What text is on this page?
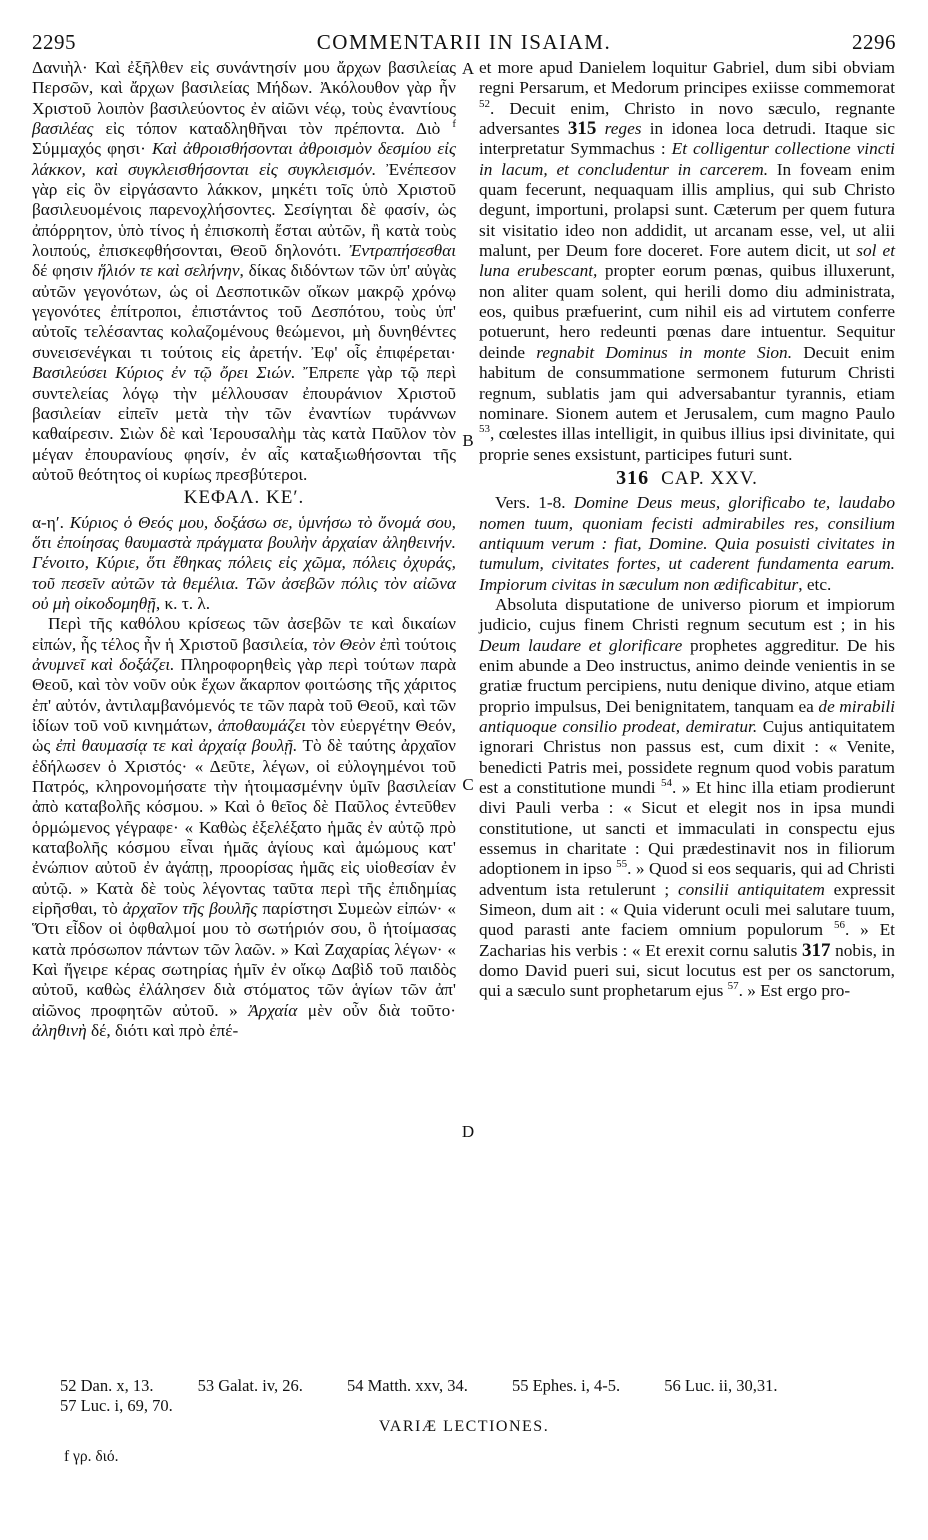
2295	COMMENTARII IN ISAIAM.	2296

Δανιὴλ· Καὶ ἐξῆλθεν εἰς συνάντησίν μου ἄρχων βασιλείας Περσῶν, καὶ ἄρχων βασιλείας Μήδων. Ἀκόλουθον γὰρ ἦν Χριστοῦ λοιπὸν βασιλεύοντος ἐν αἰῶνι νέῳ, τοὺς ἐναντίους βασιλέας εἰς τόπον καταδληθῆναι τὸν πρέποντα. Διὸ $^f$ Σύμμαχός φησι· Καὶ ἀθροισθήσονται ἀθροισμὸν δεσμίου εἰς λάκκον, καὶ συγκλεισθήσονται εἰς συγκλεισμόν. Ἐνέπεσον γὰρ εἰς ὃν εἰργάσαντο λάκκον, μηκέτι τοῖς ὑπὸ Χριστοῦ βασιλευομένοις παρενοχλήσοντες. Σεσίγηται δὲ φασίν, ὡς ἀπόρρητον, ὑπὸ τίνος ἡ ἐπισκοπὴ ἔσται αὐτῶν, ἢ κατὰ τοὺς λοιπούς, ἐπισκεφθήσονται, Θεοῦ δηλονότι. Ἐντραπήσεσθαι δέ φησιν ἥλιόν τε καὶ σελήνην, δίκας διδόντων τῶν ὑπ' αὐγὰς αὐτῶν γεγονότων, ὡς οἱ Δεσποτικῶν οἴκων μακρῷ χρόνῳ γεγονότες ἐπίτροποι, ἐπιστάντος τοῦ Δεσπότου, τοὺς ὑπ' αὐτοῖς τελέσαντας κολαζομένους θεώμενοι, μὴ δυνηθέντες συνεισενέγκαι τι τούτοις εἰς ἀρετήν. Ἐφ' οἷς ἐπιφέρεται· Βασιλεύσει Κύριος ἐν τῷ ὄρει Σιών. Ἔπρεπε γὰρ τῷ περὶ συντελείας λόγῳ τὴν μέλλουσαν ἐπουράνιον Χριστοῦ βασιλείαν εἰπεῖν μετὰ τὴν τῶν ἐναντίων τυράννων καθαίρεσιν. Σιὼν δὲ καὶ Ἱερουσαλὴμ τὰς κατὰ Παῦλον τὸν μέγαν ἐπουρανίους φησίν, ἐν αἷς καταξιωθήσονται τῆς αὐτοῦ θεότητος οἱ κυρίως πρεσβύτεροι.

ΚΕΦΑΛ. ΚΕʹ.

α-ηʹ. Κύριος ὁ Θεός μου, δοξάσω σε, ὑμνήσω τὸ ὄνομά σου, ὅτι ἐποίησας θαυμαστὰ πράγματα βουλὴν ἀρχαίαν ἀληθεινήν. Γένοιτο, Κύριε, ὅτι ἔθηκας πόλεις εἰς χῶμα, πόλεις ὀχυράς, τοῦ πεσεῖν αὐτῶν τὰ θεμέλια. Τῶν ἀσεβῶν πόλις τὸν αἰῶνα οὐ μὴ οἰκοδομηθῇ, κ. τ. λ.

Περὶ τῆς καθόλου κρίσεως τῶν ἀσεβῶν τε καὶ δικαίων εἰπών, ἧς τέλος ἦν ἡ Χριστοῦ βασιλεία, τὸν Θεὸν ἐπὶ τούτοις ἀνυμνεῖ καὶ δοξάζει. Πληροφορηθεὶς γὰρ περὶ τούτων παρὰ Θεοῦ, καὶ τὸν νοῦν οὐκ ἔχων ἄκαρπον φοιτώσης τῆς χάριτος ἐπ' αὐτόν, ἀντιλαμβανόμενός τε τῶν παρὰ τοῦ Θεοῦ, καὶ τῶν ἰδίων τοῦ νοῦ κινημάτων, ἀποθαυμάζει τὸν εὐεργέτην Θεόν, ὡς ἐπὶ θαυμασίᾳ τε καὶ ἀρχαίᾳ βουλῇ. Τὸ δὲ ταύτης ἀρχαῖον ἐδήλωσεν ὁ Χριστός· « Δεῦτε, λέγων, οἱ εὐλογημένοι τοῦ Πατρός, κληρονομήσατε τὴν ἡτοιμασμένην ὑμῖν βασιλείαν ἀπὸ καταβολῆς κόσμου. » Καὶ ὁ θεῖος δὲ Παῦλος ἐντεῦθεν ὁρμώμενος γέγραφε· « Καθὼς ἐξελέξατο ἡμᾶς ἐν αὐτῷ πρὸ καταβολῆς κόσμου εἶναι ἡμᾶς ἁγίους καὶ ἀμώμους κατ' ἐνώπιον αὐτοῦ ἐν ἀγάπῃ, προορίσας ἡμᾶς εἰς υἱοθεσίαν ἐν αὐτῷ. » Κατὰ δὲ τοὺς λέγοντας ταῦτα περὶ τῆς ἐπιδημίας εἰρῆσθαι, τὸ ἀρχαῖον τῆς βουλῆς παρίστησι Συμεὼν εἰπών· « Ὅτι εἶδον οἱ ὀφθαλμοί μου τὸ σωτήριόν σου, ὃ ἡτοίμασας κατὰ πρόσωπον πάντων τῶν λαῶν. » Καὶ Ζαχαρίας λέγων· « Καὶ ἤγειρε κέρας σωτηρίας ἡμῖν ἐν οἴκῳ Δαβὶδ τοῦ παιδὸς αὐτοῦ, καθὼς ἐλάλησεν διὰ στόματος τῶν ἁγίων τῶν ἀπ' αἰῶνος προφητῶν αὐτοῦ. » Ἀρχαία μὲν οὖν διὰ τοῦτο· ἀληθινὴ δέ, διότι καὶ πρὸ ἐπέ-

A
B
C
D

et more apud Danielem loquitur Gabriel, dum sibi obviam regni Persarum, et Medorum principes exiisse commemorat $^{52}$. Decuit enim, Christo in novo sæculo, regnante adversantes 315 reges in idonea loca detrudi. Itaque sic interpretatur Symmachus : Et colligentur collectione vincti in lacum, et concludentur in carcerem. In foveam enim quam fecerunt, nequaquam illis amplius, qui sub Christo degunt, importuni, prolapsi sunt. Cæterum per quem futura sit visitatio ideo non addidit, ut arcanam esse, vel, ut alii malunt, per Deum fore doceret. Fore autem dicit, ut sol et luna erubescant, propter eorum pœnas, quibus illuxerunt, non aliter quam solent, qui herili domo diu administrata, eos, quibus præfuerint, cum nihil eis ad virtutem conferre potuerunt, hero redeunti pœnas dare intuentur. Sequitur deinde regnabit Dominus in monte Sion. Decuit enim habitum de consummatione sermonem futurum Christi regnum, sublatis jam qui adversabantur tyrannis, etiam nominare. Sionem autem et Jerusalem, cum magno Paulo $^{53}$, cœlestes illas intelligit, in quibus illius ipsi divinitate, qui proprie senes exsistunt, participes futuri sunt.

316 CAP. XXV.

Vers. 1-8. Domine Deus meus, glorificabo te, laudabo nomen tuum, quoniam fecisti admirabiles res, consilium antiquum verum : fiat, Domine. Quia posuisti civitates in tumulum, civitates fortes, ut caderent fundamenta earum. Impiorum civitas in sæculum non ædificabitur, etc.

Absoluta disputatione de universo piorum et impiorum judicio, cujus finem Christi regnum secutum est ; in his Deum laudare et glorificare prophetes aggreditur. De his enim abunde a Deo instructus, animo deinde venientis in se gratiæ fructum percipiens, nutu denique divino, atque etiam proprio impulsus, Dei benignitatem, tanquam ea de mirabili antiquoque consilio prodeat, demiratur. Cujus antiquitatem ignorari Christus non passus est, cum dixit : « Venite, benedicti Patris mei, possidete regnum quod vobis paratum est a constitutione mundi $^{54}$. » Et hinc illa etiam prodierunt divi Pauli verba : « Sicut et elegit nos in ipsa mundi constitutione, ut sancti et immaculati in conspectu ejus essemus in charitate : Qui prædestinavit nos in filiorum adoptionem in ipso $^{55}$. » Quod si eos sequaris, qui ad Christi adventum ista retulerunt ; consilii antiquitatem expressit Simeon, dum ait : « Quia viderunt oculi mei salutare tuum, quod parasti ante faciem omnium populorum $^{56}$. » Et Zacharias his verbis : « Et erexit cornu salutis 317 nobis, in domo David pueri sui, sicut locutus est per os sanctorum, qui a sæculo sunt prophetarum ejus $^{57}$. » Est ergo pro-

52 Dan. x, 13.	53 Galat. iv, 26.	54 Matth. xxv, 34.	55 Ephes. i, 4-5.	56 Luc. ii, 30,31.
57 Luc. i, 69, 70.
VARIÆ LECTIONES.
f γρ. διό.
